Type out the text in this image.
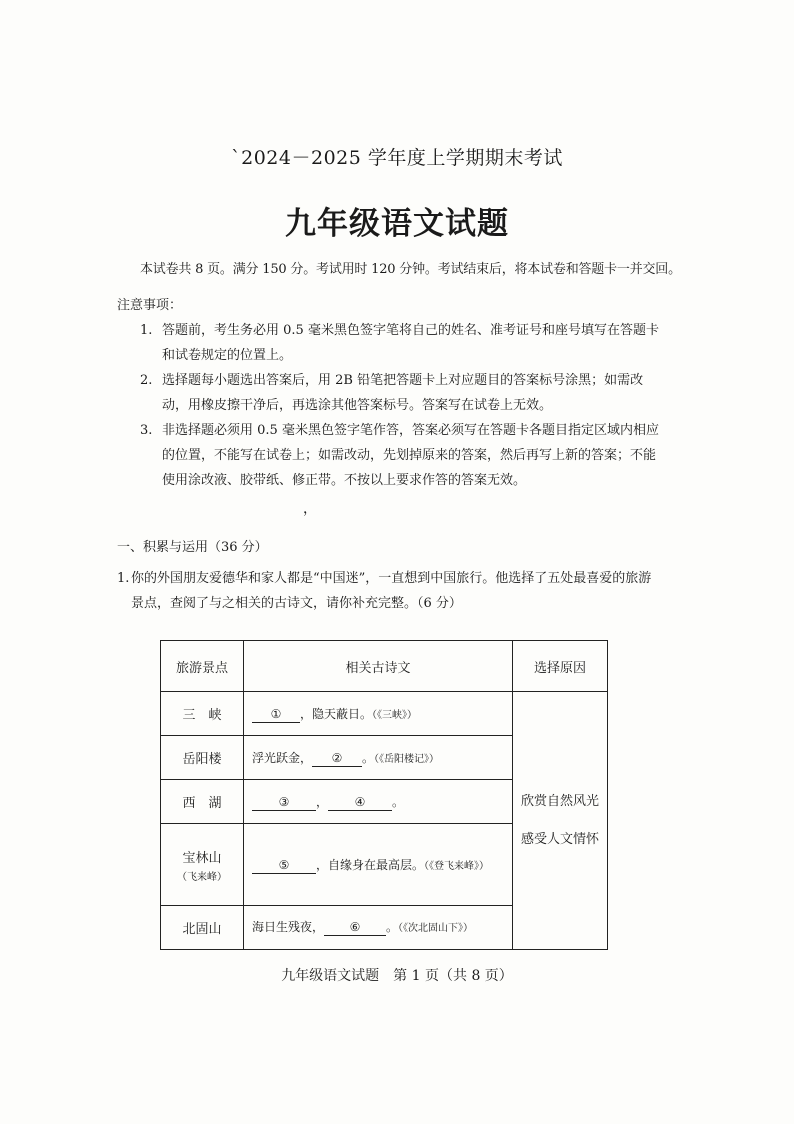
`2024－2025 学年度上学期期末考试
九年级语文试题
本试卷共 8 页。满分 150 分。考试用时 120 分钟。考试结束后，将本试卷和答题卡一并交回。
注意事项：
1. 答题前，考生务必用 0.5 毫米黑色签字笔将自己的姓名、准考证号和座号填写在答题卡和试卷规定的位置上。
2. 选择题每小题选出答案后，用 2B 铅笔把答题卡上对应题目的答案标号涂黑；如需改动，用橡皮擦干净后，再选涂其他答案标号。答案写在试卷上无效。
3. 非选择题必须用 0.5 毫米黑色签字笔作答，答案必须写在答题卡各题目指定区域内相应的位置，不能写在试卷上；如需改动，先划掉原来的答案，然后再写上新的答案；不能使用涂改液、胶带纸、修正带。不按以上要求作答的答案无效。
，
一、积累与运用（36 分）
1. 你的外国朋友爱德华和家人都是“中国迷”，一直想到中国旅行。他选择了五处最喜爱的旅游景点，查阅了与之相关的古诗文，请你补充完整。（6 分）
旅游景点	相关古诗文	选择原因
三　峡	① ，隐天蔽日。（《三峡》）	欣赏自然风光
感受人文情怀

岳阳楼	浮光跃金， ② 。（《岳阳楼记》）	
西　湖	③ ， ④ 。	
宝林山
（飞来峰）	⑤ ，自缘身在最高层。（《登飞来峰》）	
北固山	海日生残夜， ⑥ 。（《次北固山下》）	
九年级语文试题　第 1 页（共 8 页）
